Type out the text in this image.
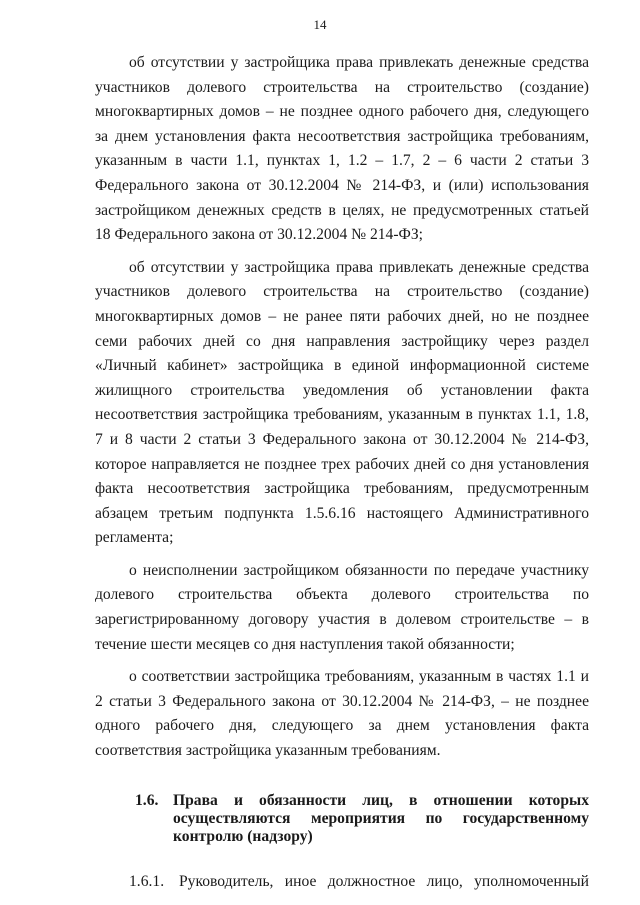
14

об отсутствии у застройщика права привлекать денежные средства участников долевого строительства на строительство (создание) многоквартирных домов – не позднее одного рабочего дня, следующего за днем установления факта несоответствия застройщика требованиям, указанным в части 1.1, пунктах 1, 1.2 – 1.7, 2 – 6 части 2 статьи 3 Федерального закона от 30.12.2004 № 214-ФЗ, и (или) использования застройщиком денежных средств в целях, не предусмотренных статьей 18 Федерального закона от 30.12.2004 № 214-ФЗ;

об отсутствии у застройщика права привлекать денежные средства участников долевого строительства на строительство (создание) многоквартирных домов – не ранее пяти рабочих дней, но не позднее семи рабочих дней со дня направления застройщику через раздел «Личный кабинет» застройщика в единой информационной системе жилищного строительства уведомления об установлении факта несоответствия застройщика требованиям, указанным в пунктах 1.1, 1.8, 7 и 8 части 2 статьи 3 Федерального закона от 30.12.2004 № 214-ФЗ, которое направляется не позднее трех рабочих дней со дня установления факта несоответствия застройщика требованиям, предусмотренным абзацем третьим подпункта 1.5.6.16 настоящего Административного регламента;

о неисполнении застройщиком обязанности по передаче участнику долевого строительства объекта долевого строительства по зарегистрированному договору участия в долевом строительстве – в течение шести месяцев со дня наступления такой обязанности;

о соответствии застройщика требованиям, указанным в частях 1.1 и 2 статьи 3 Федерального закона от 30.12.2004 № 214-ФЗ, – не позднее одного рабочего дня, следующего за днем установления факта соответствия застройщика указанным требованиям.

1.6. Права и обязанности лиц, в отношении которых осуществляются мероприятия по государственному контролю (надзору)
1.6.1. Руководитель, иное должностное лицо, уполномоченный
